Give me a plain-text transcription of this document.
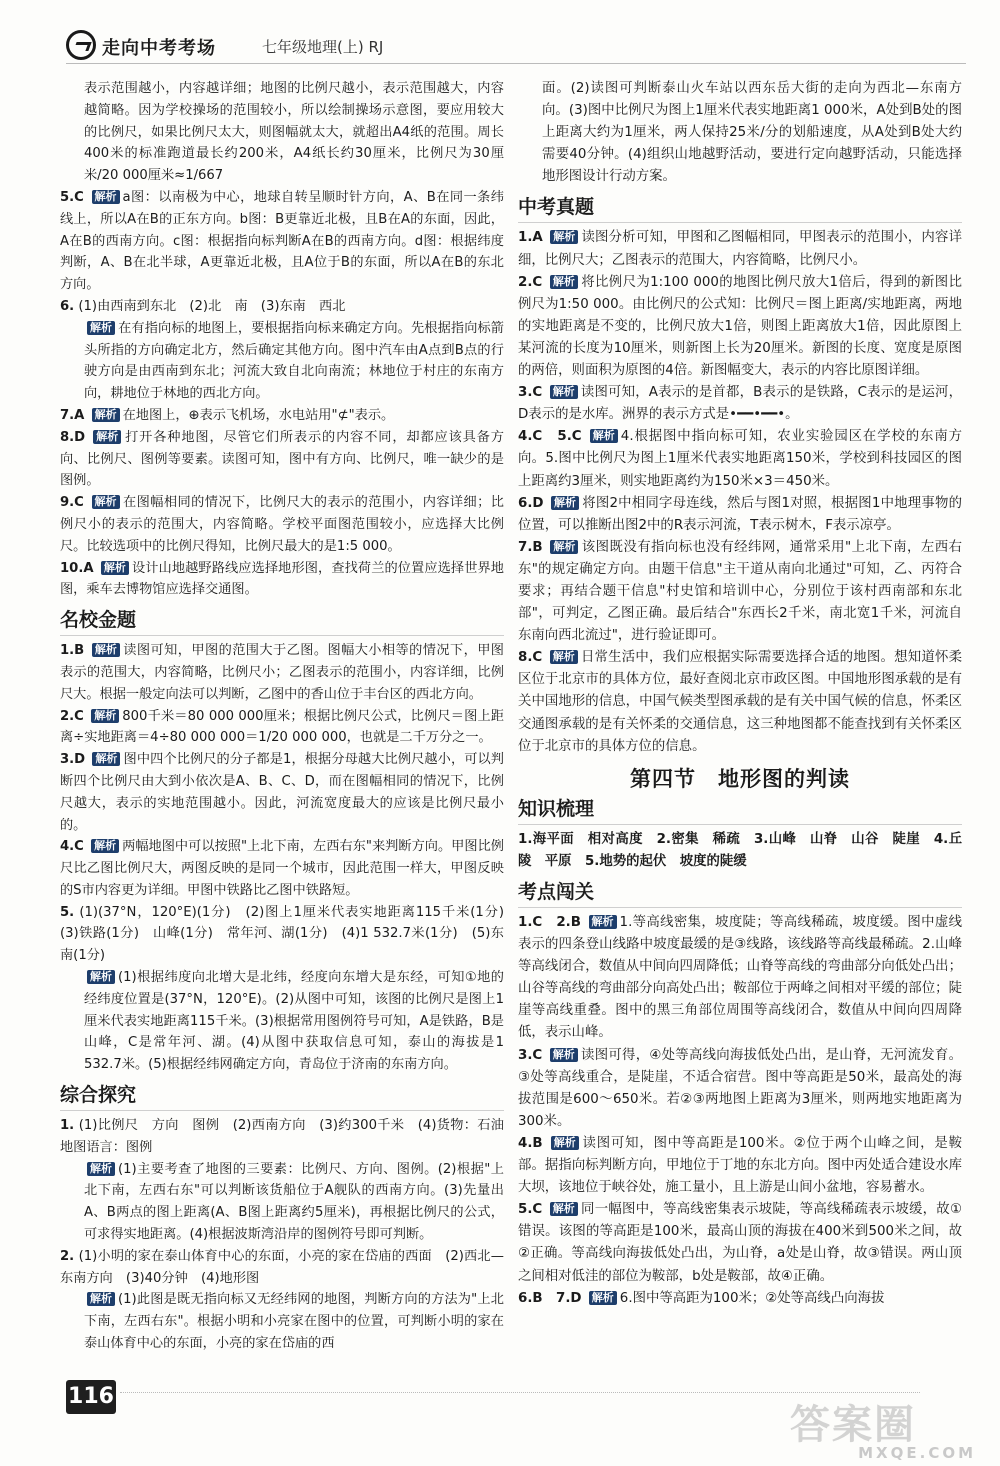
走向中考考场	七年级地理(上) RJ

表示范围越小，内容越详细；地图的比例尺越小，表示范围越大，内容越简略。因为学校操场的范围较小，所以绘制操场示意图，要应用较大的比例尺，如果比例尺太大，则图幅就太大，就超出A4纸的范围。周长400米的标准跑道最长约200米，A4纸长约30厘米，比例尺为30厘米/20 000厘米≈1/667

5.C 解析 a图：以南极为中心，地球自转呈顺时针方向，A、B在同一条纬线上，所以A在B的正东方向。b图：B更靠近北极，且B在A的东面，因此，A在B的西南方向。c图：根据指向标判断A在B的西南方向。d图：根据纬度判断，A、B在北半球，A更靠近北极，且A位于B的东面，所以A在B的东北方向。

6. (1)由西南到东北　(2)北　南　(3)东南　西北

解析 在有指向标的地图上，要根据指向标来确定方向。先根据指向标箭头所指的方向确定北方，然后确定其他方向。图中汽车由A点到B点的行驶方向是由西南到东北；河流大致自北向南流；林地位于村庄的东南方向，耕地位于林地的西北方向。

7.A 解析 在地图上，⊕表示飞机场，水电站用"⊄"表示。

8.D 解析 打开各种地图，尽管它们所表示的内容不同，却都应该具备方向、比例尺、图例等要素。读图可知，图中有方向、比例尺，唯一缺少的是图例。

9.C 解析 在图幅相同的情况下，比例尺大的表示的范围小，内容详细；比例尺小的表示的范围大，内容简略。学校平面图范围较小，应选择大比例尺。比较选项中的比例尺得知，比例尺最大的是1:5 000。

10.A 解析 设计山地越野路线应选择地形图，查找荷兰的位置应选择世界地图，乘车去博物馆应选择交通图。

名校金题

1.B 解析 读图可知，甲图的范围大于乙图。图幅大小相等的情况下，甲图表示的范围大，内容简略，比例尺小；乙图表示的范围小，内容详细，比例尺大。根据一般定向法可以判断，乙图中的香山位于丰台区的西北方向。

2.C 解析 800千米＝80 000 000厘米；根据比例尺公式，比例尺＝图上距离÷实地距离＝4÷80 000 000＝1/20 000 000，也就是二千万分之一。

3.D 解析 图中四个比例尺的分子都是1，根据分母越大比例尺越小，可以判断四个比例尺由大到小依次是A、B、C、D，而在图幅相同的情况下，比例尺越大，表示的实地范围越小。因此，河流宽度最大的应该是比例尺最小的。

4.C 解析 两幅地图中可以按照"上北下南，左西右东"来判断方向。甲图比例尺比乙图比例尺大，两图反映的是同一个城市，因此范围一样大，甲图反映的S市内容更为详细。甲图中铁路比乙图中铁路短。

5. (1)(37°N，120°E)(1分)　(2)图上1厘米代表实地距离115千米(1分)　(3)铁路(1分)　山峰(1分)　常年河、湖(1分)　(4)1 532.7米(1分)　(5)东南(1分)

解析 (1)根据纬度向北增大是北纬，经度向东增大是东经，可知①地的经纬度位置是(37°N，120°E)。(2)从图中可知，该图的比例尺是图上1厘米代表实地距离115千米。(3)根据常用图例符号可知，A是铁路，B是山峰，C是常年河、湖。(4)从图中获取信息可知，泰山的海拔是1 532.7米。(5)根据经纬网确定方向，青岛位于济南的东南方向。

综合探究

1. (1)比例尺　方向　图例　(2)西南方向　(3)约300千米　(4)货物：石油　地图语言：图例

解析 (1)主要考查了地图的三要素：比例尺、方向、图例。(2)根据"上北下南，左西右东"可以判断该货船位于A舰队的西南方向。(3)先量出A、B两点的图上距离(A、B图上距离约5厘米)，再根据比例尺的公式，可求得实地距离。(4)根据波斯湾沿岸的图例符号即可判断。

2. (1)小明的家在泰山体育中心的东面，小亮的家在岱庙的西面　(2)西北—东南方向　(3)40分钟　(4)地形图

解析 (1)此图是既无指向标又无经纬网的地图，判断方向的方法为"上北下南，左西右东"。根据小明和小亮家在图中的位置，可判断小明的家在泰山体育中心的东面，小亮的家在岱庙的西

面。(2)读图可判断泰山火车站以西东岳大街的走向为西北—东南方向。(3)图中比例尺为图上1厘米代表实地距离1 000米，A处到B处的图上距离大约为1厘米，两人保持25米/分的划船速度，从A处到B处大约需要40分钟。(4)组织山地越野活动，要进行定向越野活动，只能选择地形图设计行动方案。

中考真题

1.A 解析 读图分析可知，甲图和乙图幅相同，甲图表示的范围小，内容详细，比例尺大；乙图表示的范围大，内容简略，比例尺小。

2.C 解析 将比例尺为1:100 000的地图比例尺放大1倍后，得到的新图比例尺为1:50 000。由比例尺的公式知：比例尺＝图上距离/实地距离，两地的实地距离是不变的，比例尺放大1倍，则图上距离放大1倍，因此原图上某河流的长度为10厘米，则新图上长为20厘米。新图的长度、宽度是原图的两倍，则面积为原图的4倍。新图幅变大，表示的内容比原图详细。

3.C 解析 读图可知，A表示的是首都，B表示的是铁路，C表示的是运河，D表示的是水库。洲界的表示方式是•━━•━━•。

4.C　5.C 解析 4.根据图中指向标可知，农业实验园区在学校的东南方向。5.图中比例尺为图上1厘米代表实地距离150米，学校到科技园区的图上距离约3厘米，则实地距离约为150米×3＝450米。

6.D 解析 将图2中相同字母连线，然后与图1对照，根据图1中地理事物的位置，可以推断出图2中的R表示河流，T表示树木，F表示凉亭。

7.B 解析 该图既没有指向标也没有经纬网，通常采用"上北下南，左西右东"的规定确定方向。由题干信息"主干道从南向北通过"可知，乙、丙符合要求；再结合题干信息"村史馆和培训中心，分别位于该村西南部和东北部"，可判定，乙图正确。最后结合"东西长2千米，南北宽1千米，河流自东南向西北流过"，进行验证即可。

8.C 解析 日常生活中，我们应根据实际需要选择合适的地图。想知道怀柔区位于北京市的具体方位，最好查阅北京市政区图。中国地形图承载的是有关中国地形的信息，中国气候类型图承载的是有关中国气候的信息，怀柔区交通图承载的是有关怀柔的交通信息，这三种地图都不能查找到有关怀柔区位于北京市的具体方位的信息。

第四节　地形图的判读
知识梳理

1.海平面　相对高度　2.密集　稀疏　3.山峰　山脊　山谷　陡崖　4.丘陵　平原　5.地势的起伏　坡度的陡缓

考点闯关

1.C　2.B 解析 1.等高线密集，坡度陡；等高线稀疏，坡度缓。图中虚线表示的四条登山线路中坡度最缓的是③线路，该线路等高线最稀疏。2.山峰等高线闭合，数值从中间向四周降低；山脊等高线的弯曲部分向低处凸出；山谷等高线的弯曲部分向高处凸出；鞍部位于两峰之间相对平缓的部位；陡崖等高线重叠。图中的黑三角部位周围等高线闭合，数值从中间向四周降低，表示山峰。

3.C 解析 读图可得，④处等高线向海拔低处凸出，是山脊，无河流发育。③处等高线重合，是陡崖，不适合宿营。图中等高距是50米，最高处的海拔范围是600～650米。若②③两地图上距离为3厘米，则两地实地距离为300米。

4.B 解析 读图可知，图中等高距是100米。②位于两个山峰之间，是鞍部。据指向标判断方向，甲地位于丁地的东北方向。图中丙处适合建设水库大坝，该地位于峡谷处，施工量小，且上游是山间小盆地，容易蓄水。

5.C 解析 同一幅图中，等高线密集表示坡陡，等高线稀疏表示坡缓，故①错误。该图的等高距是100米，最高山顶的海拔在400米到500米之间，故②正确。等高线向海拔低处凸出，为山脊，a处是山脊，故③错误。两山顶之间相对低洼的部位为鞍部，b处是鞍部，故④正确。

6.B　7.D 解析 6.图中等高距为100米；②处等高线凸向海拔

116
答案圈
MXQE.COM
